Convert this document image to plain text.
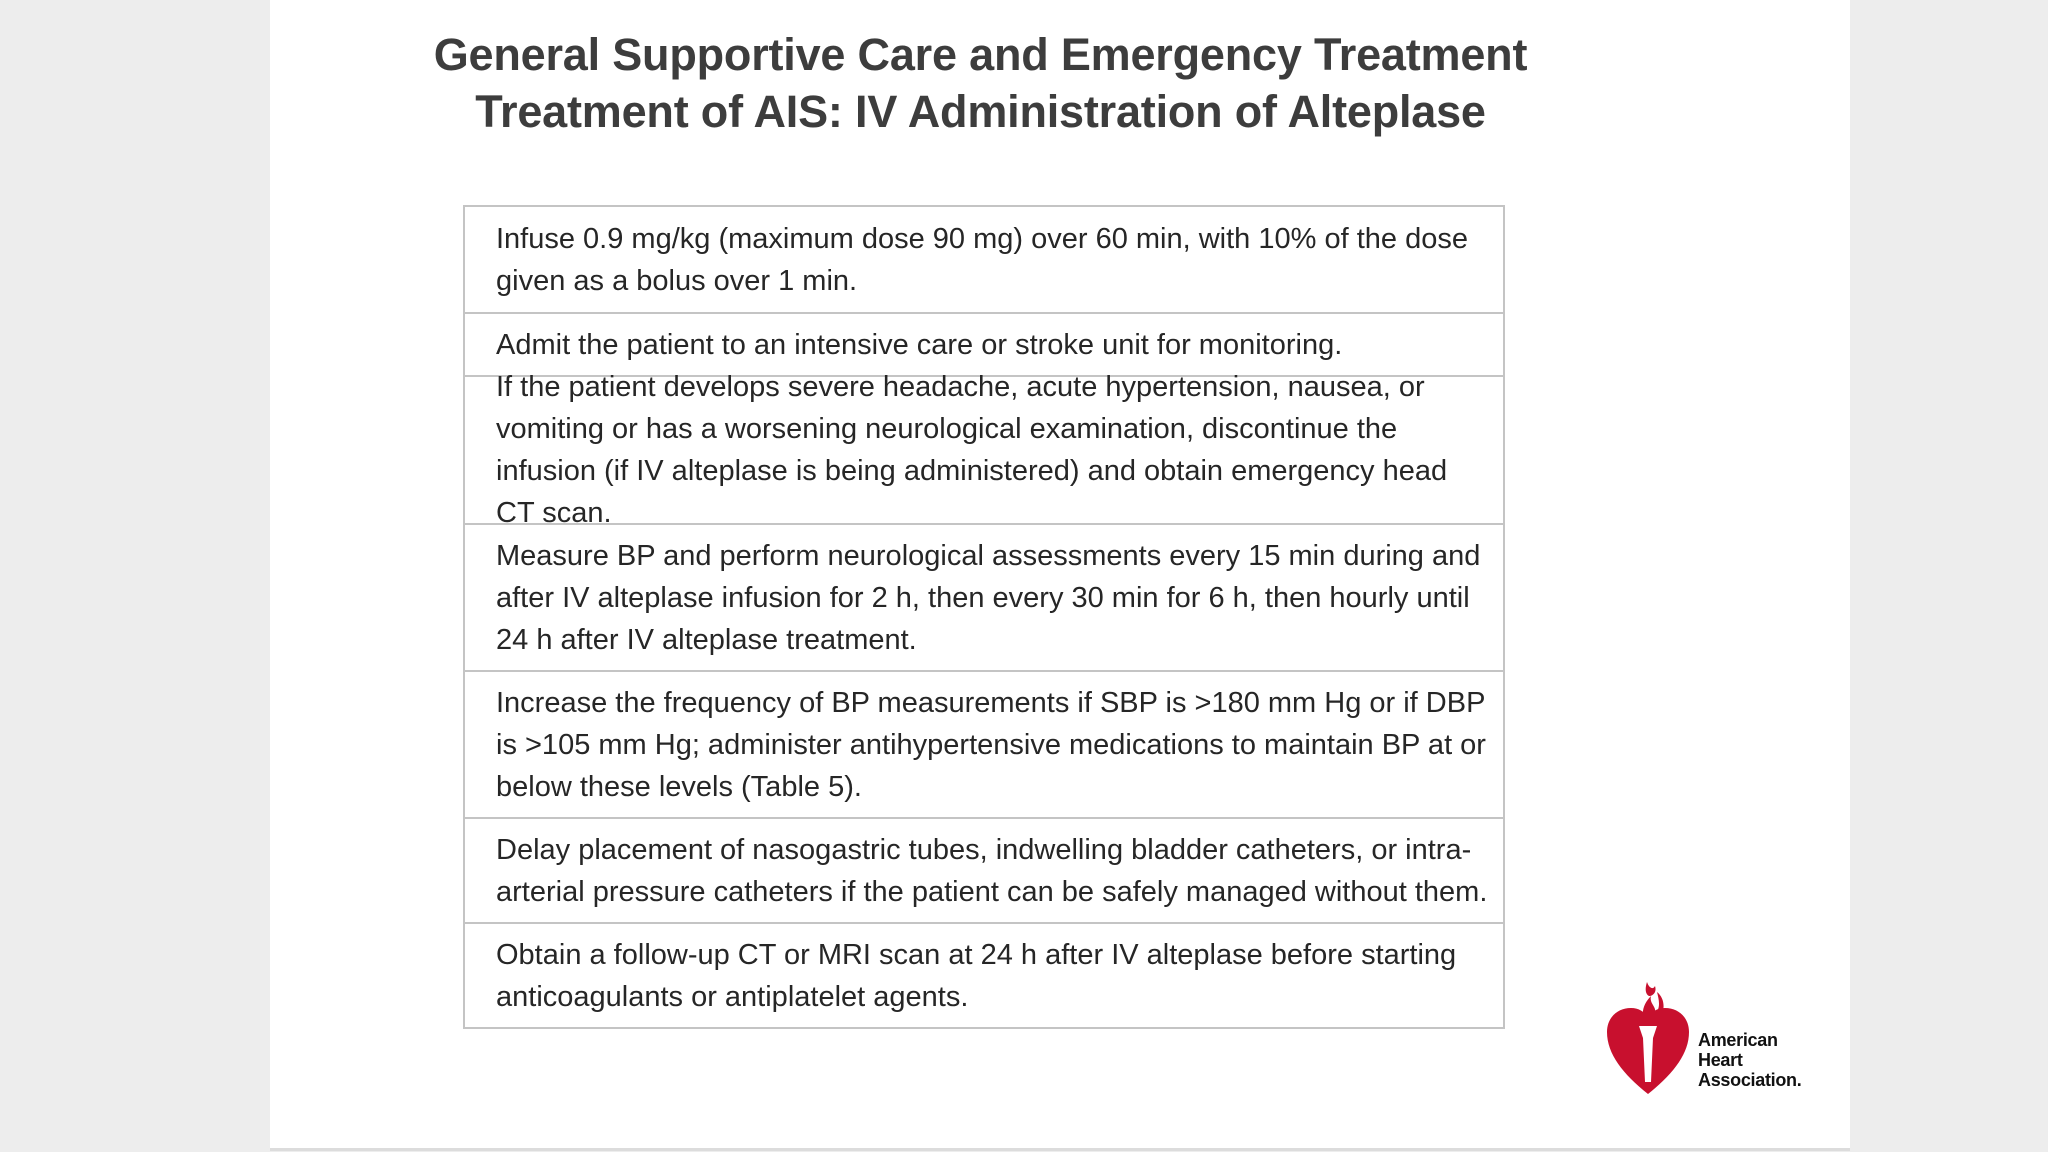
General Supportive Care and Emergency Treatment
Treatment of AIS: IV Administration of Alteplase
Infuse 0.9 mg/kg (maximum dose 90 mg) over 60 min, with 10% of the dose given as a bolus over 1 min.
Admit the patient to an intensive care or stroke unit for monitoring.
If the patient develops severe headache, acute hypertension, nausea, or vomiting or has a worsening neurological examination, discontinue the infusion (if IV alteplase is being administered) and obtain emergency head CT scan.
Measure BP and perform neurological assessments every 15 min during and after IV alteplase infusion for 2 h, then every 30 min for 6 h, then hourly until 24 h after IV alteplase treatment.
Increase the frequency of BP measurements if SBP is >180 mm Hg or if DBP is >105 mm Hg; administer antihypertensive medications to maintain BP at or below these levels (Table 5).
Delay placement of nasogastric tubes, indwelling bladder catheters, or intra-arterial pressure catheters if the patient can be safely managed without them.
Obtain a follow-up CT or MRI scan at 24 h after IV alteplase before starting anticoagulants or antiplatelet agents.
American
Heart
Association.
